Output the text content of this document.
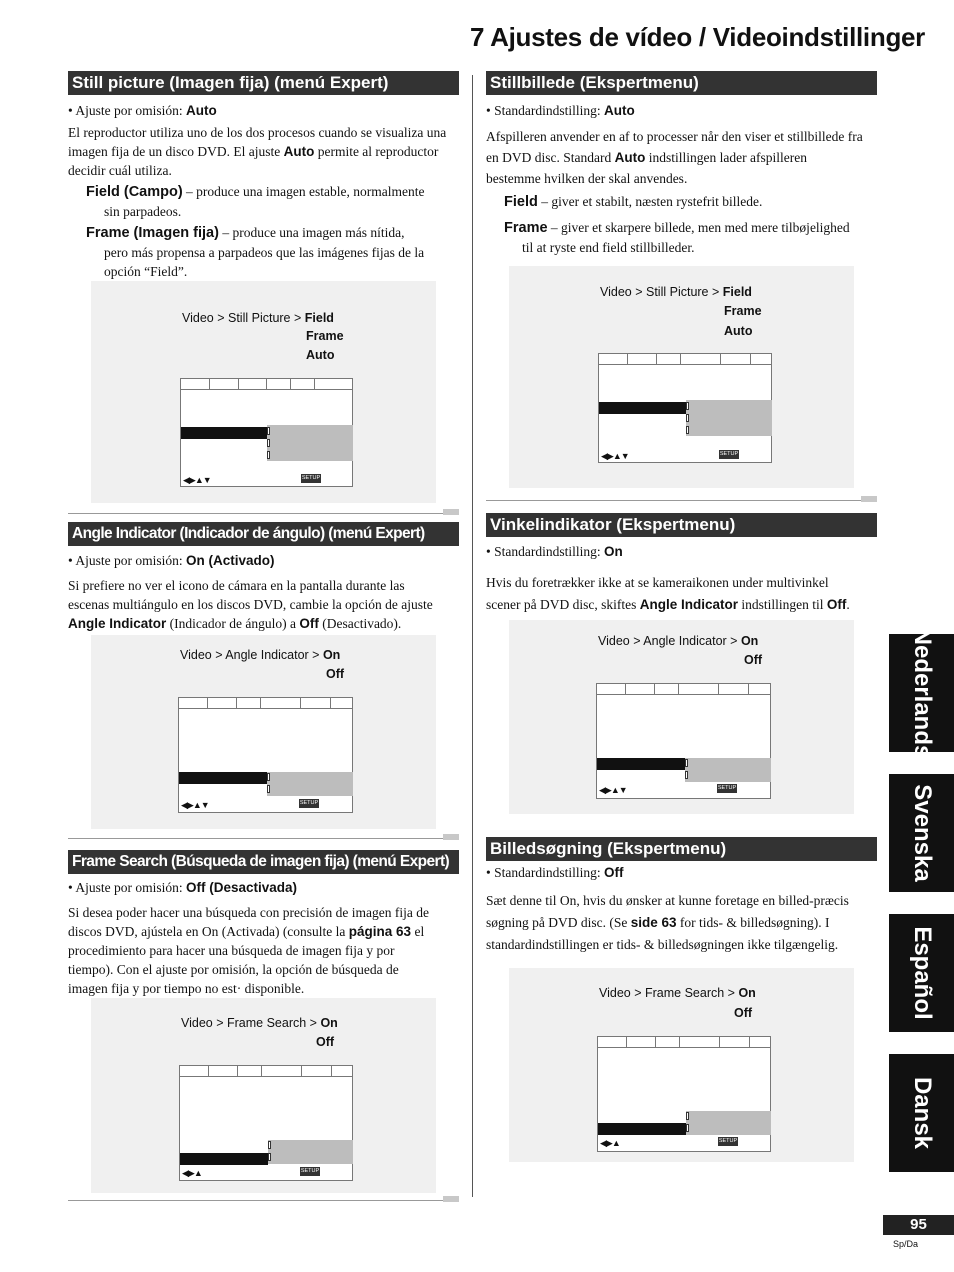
7 Ajustes de vídeo / Videoindstillinger
Still picture (Imagen fija) (menú Expert)
• Ajuste por omisión: Auto
El reproductor utiliza uno de los dos procesos cuando se visualiza una
imagen fija de un disco DVD. El ajuste Auto permite al reproductor
decidir cuál utiliza.
Field (Campo) – produce una imagen estable, normalmente
sin parpadeos.
Frame (Imagen fija) – produce una imagen más nítida,
pero más propensa a parpadeos que las imágenes fijas de la
opción “Field”.
Video > Still Picture > Field
Frame
Auto
◀▶▲▼	SETUP
Angle Indicator (Indicador de ángulo) (menú Expert)
• Ajuste por omisión: On (Activado)
Si prefiere no ver el icono de cámara en la pantalla durante las
escenas multiángulo en los discos DVD, cambie la opción de ajuste
Angle Indicator (Indicador de ángulo) a Off (Desactivado).
Video > Angle Indicator > On
Off
◀▶▲▼	SETUP
Frame Search (Búsqueda de imagen fija) (menú Expert)
• Ajuste por omisión: Off (Desactivada)
Si desea poder hacer una búsqueda con precisión de imagen fija de
discos DVD, ajústela en On (Activada) (consulte la página 63 el
procedimiento para hacer una búsqueda de imagen fija y por
tiempo). Con el ajuste por omisión, la opción de búsqueda de
imagen fija y por tiempo no est· disponible.
Video > Frame Search > On
Off
◀▶▲	SETUP
Stillbillede (Ekspertmenu)
• Standardindstilling: Auto
Afspilleren anvender en af to processer når den viser et stillbillede fra
en DVD disc. Standard Auto indstillingen lader afspilleren
bestemme hvilken der skal anvendes.
Field – giver et stabilt, næsten rystefrit billede.
Frame – giver et skarpere billede, men med mere tilbøjelighed
til at ryste end field stillbilleder.
Video > Still Picture > Field
Frame
Auto
◀▶▲▼	SETUP
Vinkelindikator (Ekspertmenu)
• Standardindstilling: On
Hvis du foretrækker ikke at se kameraikonen under multivinkel
scener på DVD disc, skiftes Angle Indicator indstillingen til Off.
Video > Angle Indicator > On
Off
◀▶▲▼	SETUP
Billedsøgning (Ekspertmenu)
• Standardindstilling: Off
Sæt denne til On, hvis du ønsker at kunne foretage en billed-præcis
søgning på DVD disc. (Se side 63 for tids- & billedsøgning). I
standardindstillingen er tids- & billedsøgningen ikke tilgængelig.
Video > Frame Search > On
Off
◀▶▲	SETUP
Nederlands
Svenska
Español
Dansk
95
Sp/Da
